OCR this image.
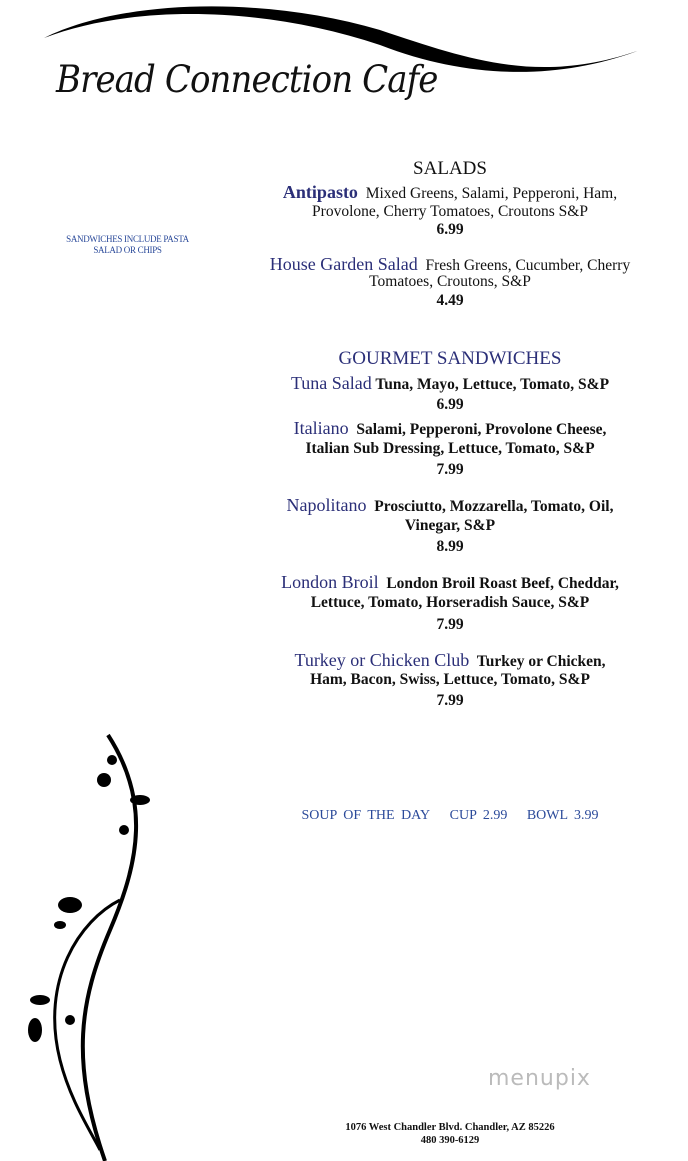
Bread Connection Cafe
SANDWICHES INCLUDE PASTA
SALAD OR CHIPS
SALADS
Antipasto Mixed Greens, Salami, Pepperoni, Ham,
Provolone, Cherry Tomatoes, Croutons S&P
6.99
House Garden Salad Fresh Greens, Cucumber, Cherry
Tomatoes, Croutons, S&P
4.49
GOURMET SANDWICHES
Tuna Salad Tuna, Mayo, Lettuce, Tomato, S&P
6.99
Italiano Salami, Pepperoni, Provolone Cheese,
Italian Sub Dressing, Lettuce, Tomato, S&P
7.99
Napolitano Prosciutto, Mozzarella, Tomato, Oil,
Vinegar, S&P
8.99
London Broil London Broil Roast Beef, Cheddar,
Lettuce, Tomato, Horseradish Sauce, S&P
7.99
Turkey or Chicken Club Turkey or Chicken,
Ham, Bacon, Swiss, Lettuce, Tomato, S&P
7.99
SOUP OF THE DAY CUP 2.99 BOWL 3.99
menupix
1076 West Chandler Blvd. Chandler, AZ 85226
480 390-6129
